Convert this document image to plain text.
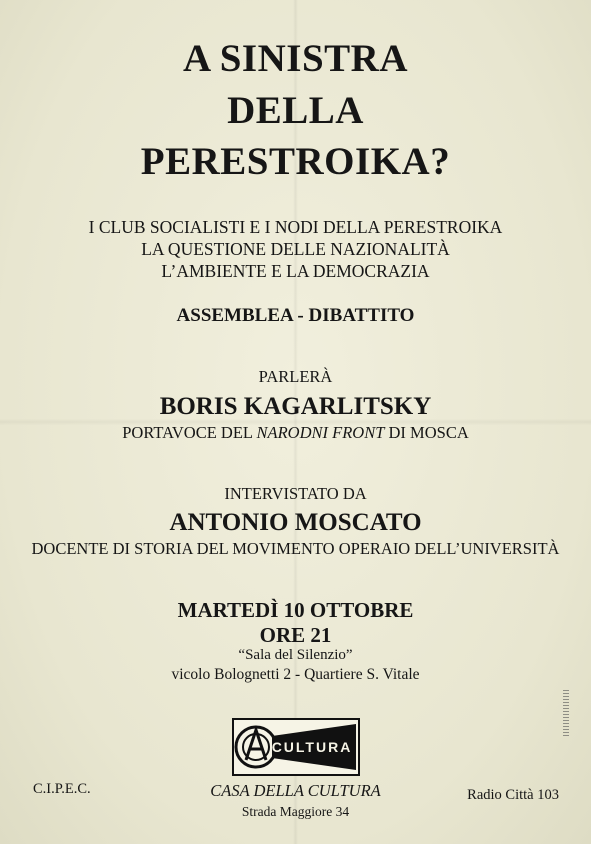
A SINISTRA
DELLA
PERESTROIKA?
I CLUB SOCIALISTI E I NODI DELLA PERESTROIKA
LA QUESTIONE DELLE NAZIONALITÀ
L’AMBIENTE E LA DEMOCRAZIA
ASSEMBLEA - DIBATTITO
PARLERÀ
BORIS KAGARLITSKY
PORTAVOCE DEL NARODNI FRONT DI MOSCA
INTERVISTATO DA
ANTONIO MOSCATO
DOCENTE DI STORIA DEL MOVIMENTO OPERAIO DELL’UNIVERSITÀ
MARTEDÌ 10 OTTOBRE
ORE 21
“Sala del Silenzio”
vicolo Bolognetti 2 - Quartiere S. Vitale
CULTURA
C.I.P.E.C.	CASA DELLA CULTURA
Strada Maggiore 34
Radio Città 103
